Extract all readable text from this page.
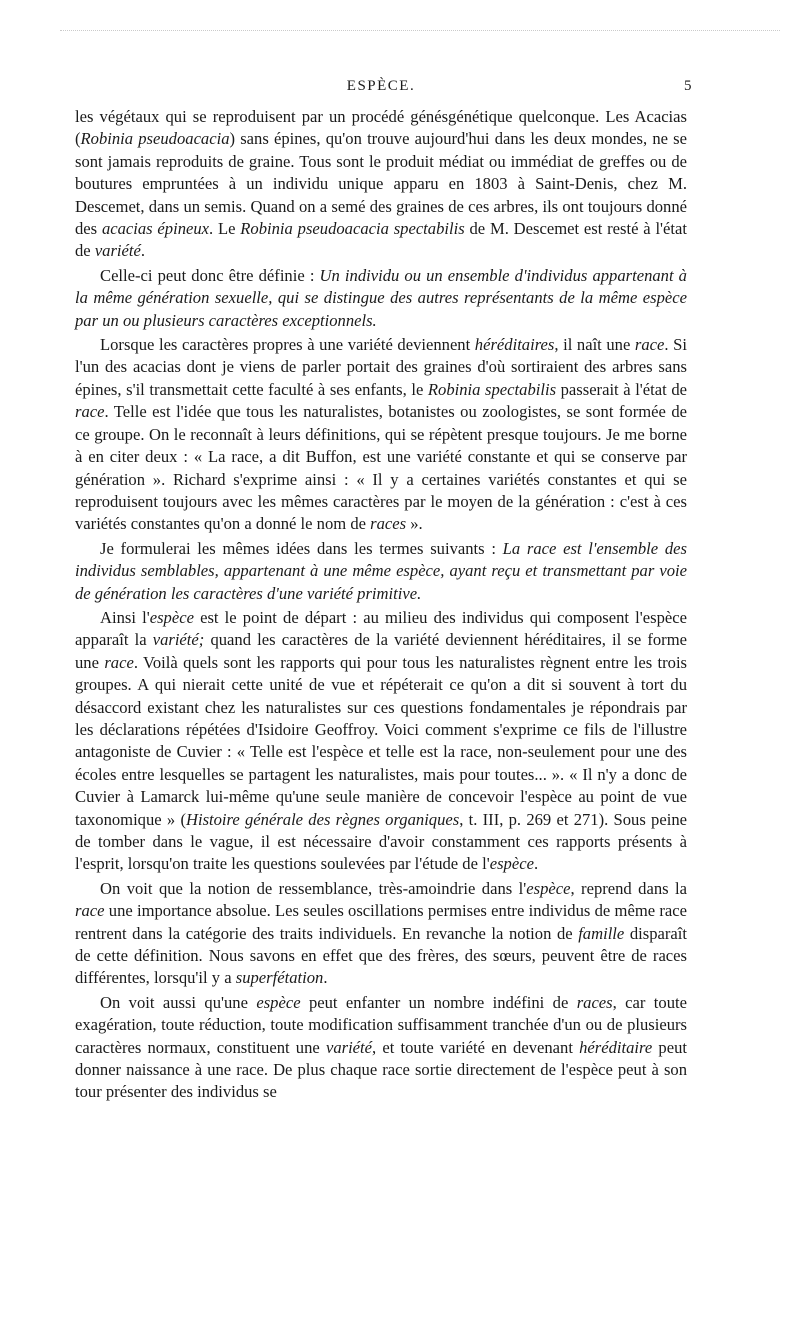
ESPÈCE.	5

les végétaux qui se reproduisent par un procédé génésgénétique quelconque. Les Acacias (Robinia pseudoacacia) sans épines, qu'on trouve aujourd'hui dans les deux mondes, ne se sont jamais reproduits de graine. Tous sont le produit médiat ou immédiat de greffes ou de boutures empruntées à un individu unique apparu en 1803 à Saint-Denis, chez M. Descemet, dans un semis. Quand on a semé des graines de ces arbres, ils ont toujours donné des acacias épineux. Le Robinia pseudoacacia spectabilis de M. Descemet est resté à l'état de variété.

Celle-ci peut donc être définie : Un individu ou un ensemble d'individus appartenant à la même génération sexuelle, qui se distingue des autres représentants de la même espèce par un ou plusieurs caractères exceptionnels.

Lorsque les caractères propres à une variété deviennent héréditaires, il naît une race. Si l'un des acacias dont je viens de parler portait des graines d'où sortiraient des arbres sans épines, s'il transmettait cette faculté à ses enfants, le Robinia spectabilis passerait à l'état de race. Telle est l'idée que tous les naturalistes, botanistes ou zoologistes, se sont formée de ce groupe. On le reconnaît à leurs définitions, qui se répètent presque toujours. Je me borne à en citer deux : « La race, a dit Buffon, est une variété constante et qui se conserve par génération ». Richard s'exprime ainsi : « Il y a certaines variétés constantes et qui se reproduisent toujours avec les mêmes caractères par le moyen de la génération : c'est à ces variétés constantes qu'on a donné le nom de races ».

Je formulerai les mêmes idées dans les termes suivants : La race est l'ensemble des individus semblables, appartenant à une même espèce, ayant reçu et transmettant par voie de génération les caractères d'une variété primitive.

Ainsi l'espèce est le point de départ : au milieu des individus qui composent l'espèce apparaît la variété; quand les caractères de la variété deviennent héréditaires, il se forme une race. Voilà quels sont les rapports qui pour tous les naturalistes règnent entre les trois groupes. A qui nierait cette unité de vue et répéterait ce qu'on a dit si souvent à tort du désaccord existant chez les naturalistes sur ces questions fondamentales je répondrais par les déclarations répétées d'Isidoire Geoffroy. Voici comment s'exprime ce fils de l'illustre antagoniste de Cuvier : « Telle est l'espèce et telle est la race, non-seulement pour une des écoles entre lesquelles se partagent les naturalistes, mais pour toutes... ». « Il n'y a donc de Cuvier à Lamarck lui-même qu'une seule manière de concevoir l'espèce au point de vue taxonomique » (Histoire générale des règnes organiques, t. III, p. 269 et 271). Sous peine de tomber dans le vague, il est nécessaire d'avoir constamment ces rapports présents à l'esprit, lorsqu'on traite les questions soulevées par l'étude de l'espèce.

On voit que la notion de ressemblance, très-amoindrie dans l'espèce, reprend dans la race une importance absolue. Les seules oscillations permises entre individus de même race rentrent dans la catégorie des traits individuels. En revanche la notion de famille disparaît de cette définition. Nous savons en effet que des frères, des sœurs, peuvent être de races différentes, lorsqu'il y a superfétation.

On voit aussi qu'une espèce peut enfanter un nombre indéfini de races, car toute exagération, toute réduction, toute modification suffisamment tranchée d'un ou de plusieurs caractères normaux, constituent une variété, et toute variété en devenant héréditaire peut donner naissance à une race. De plus chaque race sortie directement de l'espèce peut à son tour présenter des individus se
